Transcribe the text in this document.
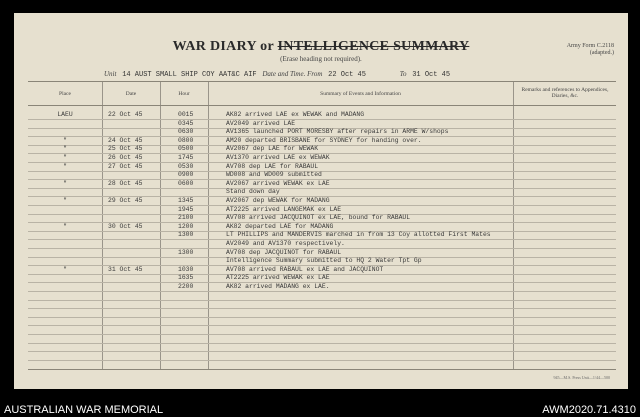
WAR DIARY or INTELLIGENCE SUMMARY
(Erase heading not required).
Army Form C.2118
(adapted.)
Unit 14 AUST SMALL SHIP COY AAT&C AIF Date and Time. From 22 Oct 45	To 31 Oct 45
Place	Date	Hour	Summary of Events and Information
Remarks and references to Appendices, Diaries, &c.
LAEU	22 Oct 45	0015	AK82 arrived LAE ex WEWAK and MADANG
0345	AV2049 arrived LAE
0630	AV1365 launched PORT MORESBY after repairs in ARME W/shops
"	24 Oct 45	0800	AM20 departed BRISBANE for SYDNEY for handing over.
"	25 Oct 45	0500	AV2067 dep LAE for WEWAK
"	26 Oct 45	1745	AV1370 arrived LAE ex WEWAK
"	27 Oct 45	0530	AV708 dep LAE for RABAUL
0900	WD008 and WD009 submitted
"	28 Oct 45	0600	AV2067 arrived WEWAK ex LAE
Stand down day
"	29 Oct 45	1345	AV2067 dep WEWAK for MADANG
1945	AT2225 arrived LANGEMAK ex LAE
2100	AV708 arrived JACQUINOT ex LAE, bound for RABAUL
"	30 Oct 45	1200	AK82 departed LAE for MADANG
1300	LT PHILLIPS and MANDERVIS marched in from 13 Coy allotted First Mates
AV2049 and AV1370 respectively.
1300	AV708 dep JACQUINOT for RABAUL
Intelligence Summary submitted to HQ 2 Water Tpt Gp
"	31 Oct 45	1030	AV708 arrived RABAUL ex LAE and JACQUINOT
1635	AT2225 arrived WEWAK ex LAE
2200	AK82 arrived MADANG ex LAE.
945—M.S. Press Unit—1/44—500
AUSTRALIAN WAR MEMORIAL	AWM2020.71.4310
